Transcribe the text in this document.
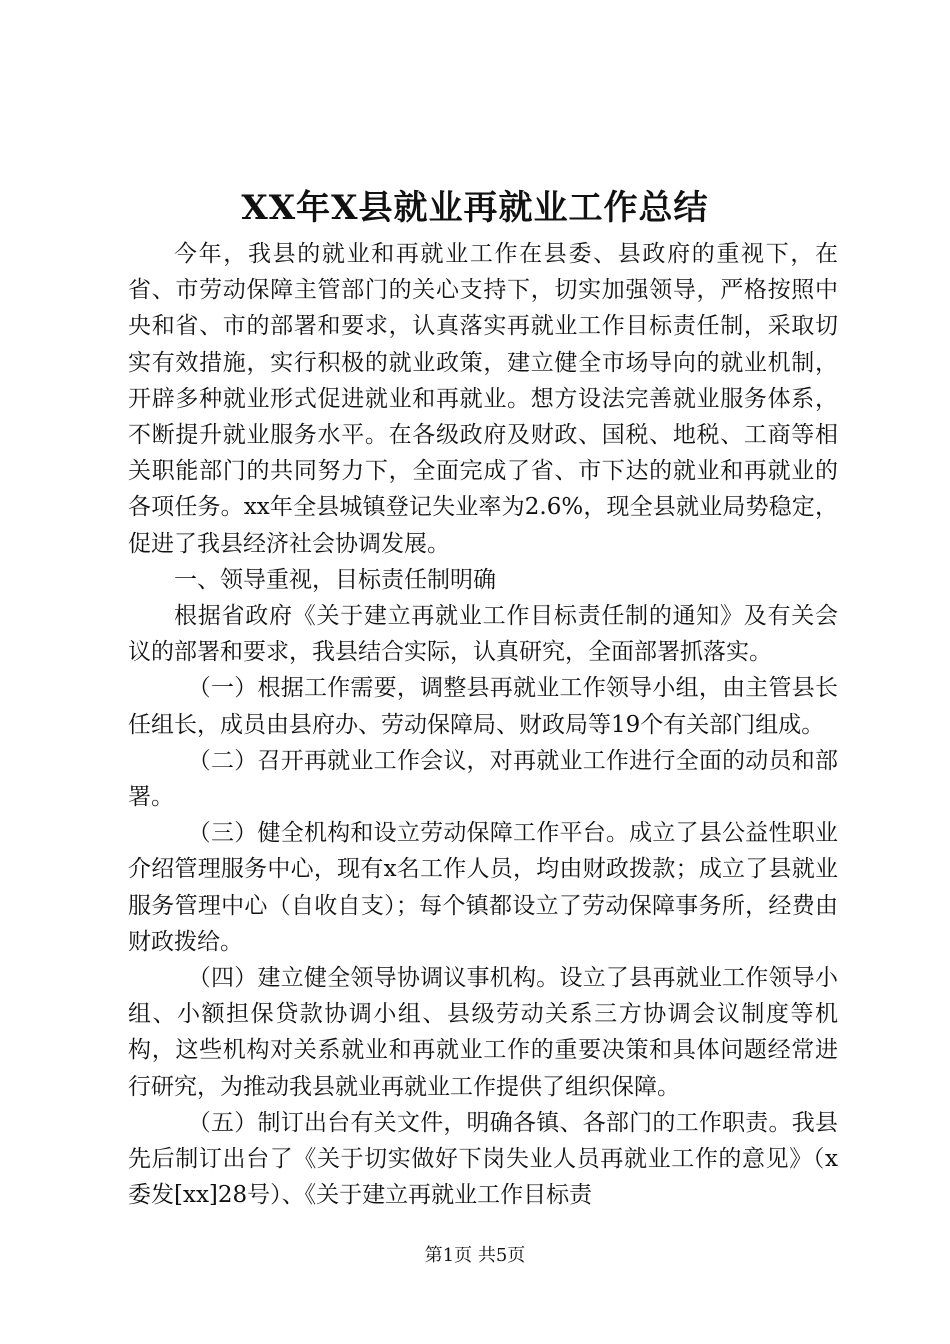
XX年X县就业再就业工作总结

今年，我县的就业和再就业工作在县委、县政府的重视下，在省、市劳动保障主管部门的关心支持下，切实加强领导，严格按照中央和省、市的部署和要求，认真落实再就业工作目标责任制，采取切实有效措施，实行积极的就业政策，建立健全市场导向的就业机制，开辟多种就业形式促进就业和再就业。想方设法完善就业服务体系，不断提升就业服务水平。在各级政府及财政、国税、地税、工商等相关职能部门的共同努力下，全面完成了省、市下达的就业和再就业的各项任务。xx年全县城镇登记失业率为2.6%，现全县就业局势稳定，促进了我县经济社会协调发展。

一、领导重视，目标责任制明确

根据省政府《关于建立再就业工作目标责任制的通知》及有关会议的部署和要求，我县结合实际，认真研究，全面部署抓落实。

（一）根据工作需要，调整县再就业工作领导小组，由主管县长任组长，成员由县府办、劳动保障局、财政局等19个有关部门组成。

（二）召开再就业工作会议，对再就业工作进行全面的动员和部署。

（三）健全机构和设立劳动保障工作平台。成立了县公益性职业介绍管理服务中心，现有x名工作人员，均由财政拨款；成立了县就业服务管理中心（自收自支）；每个镇都设立了劳动保障事务所，经费由财政拨给。

（四）建立健全领导协调议事机构。设立了县再就业工作领导小组、小额担保贷款协调小组、县级劳动关系三方协调会议制度等机构，这些机构对关系就业和再就业工作的重要决策和具体问题经常进行研究，为推动我县就业再就业工作提供了组织保障。

（五）制订出台有关文件，明确各镇、各部门的工作职责。我县先后制订出台了《关于切实做好下岗失业人员再就业工作的意见》（x委发[xx]28号）、《关于建立再就业工作目标责

第1页 共5页
